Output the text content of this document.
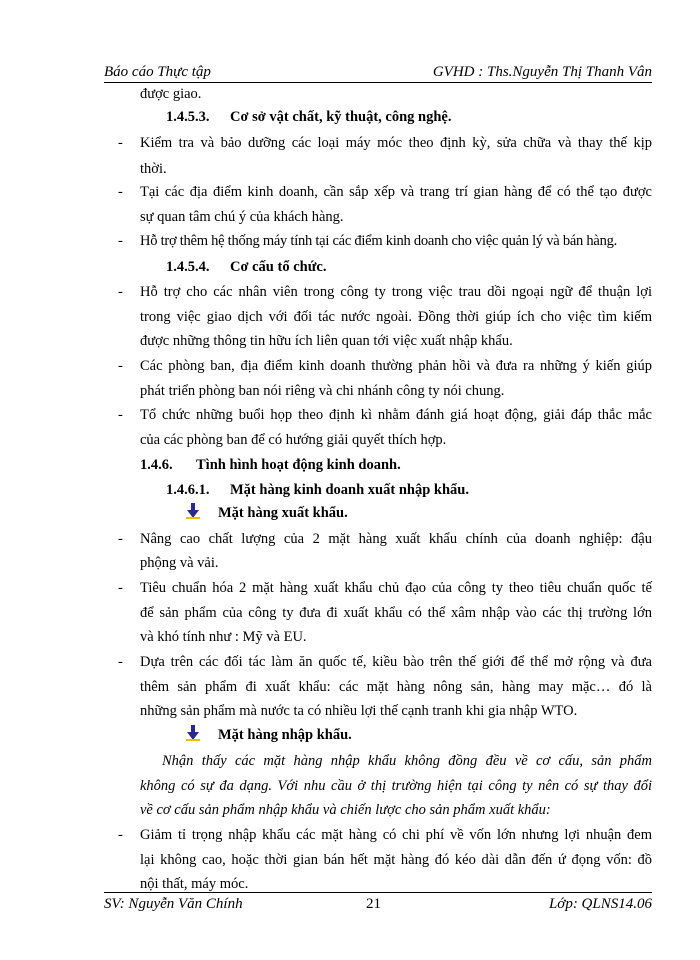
Báo cáo Thực tập	GVHD : Ths.Nguyễn Thị Thanh Vân
được giao.
1.4.5.3. Cơ sở vật chất, kỹ thuật, công nghệ.
- Kiểm tra và bảo dưỡng các loại máy móc theo định kỳ, sửa chữa và thay thế kịp
thời.
- Tại các địa điểm kinh doanh, cần sắp xếp và trang trí gian hàng để có thể tạo được
sự quan tâm chú ý của khách hàng.
- Hỗ trợ thêm hệ thống máy tính tại các điểm kinh doanh cho việc quản lý và bán hàng.
1.4.5.4. Cơ cấu tổ chức.
- Hỗ trợ cho các nhân viên trong công ty trong việc trau dồi ngoại ngữ để thuận lợi
trong việc giao dịch với đối tác nước ngoài. Đồng thời giúp ích cho việc tìm kiếm
được những thông tin hữu ích liên quan tới việc xuất nhập khẩu.
- Các phòng ban, địa điểm kinh doanh thường phản hồi và đưa ra những ý kiến giúp
phát triển phòng ban nói riêng và chi nhánh công ty nói chung.
- Tổ chức những buổi họp theo định kì nhằm đánh giá hoạt động, giải đáp thắc mắc
của các phòng ban để có hướng giải quyết thích hợp.
1.4.6. Tình hình hoạt động kinh doanh.
1.4.6.1. Mặt hàng kinh doanh xuất nhập khẩu.
Mặt hàng xuất khẩu.
- Nâng cao chất lượng của 2 mặt hàng xuất khẩu chính của doanh nghiệp: đậu
phộng và vải.
- Tiêu chuẩn hóa 2 mặt hàng xuất khẩu chủ đạo của công ty theo tiêu chuẩn quốc tế
để sản phẩm của công ty đưa đi xuất khẩu có thể xâm nhập vào các thị trường lớn
và khó tính như : Mỹ và EU.
- Dựa trên các đối tác làm ăn quốc tế, kiều bào trên thế giới để thể mở rộng và đưa
thêm sản phẩm đi xuất khẩu: các mặt hàng nông sản, hàng may mặc… đó là
những sản phẩm mà nước ta có nhiều lợi thế cạnh tranh khi gia nhập WTO.
Mặt hàng nhập khẩu.
Nhận thấy các mặt hàng nhập khẩu không đồng đều về cơ cấu, sản phẩm
không có sự đa dạng. Với nhu cầu ở thị trường hiện tại công ty nên có sự thay đổi
về cơ cấu sản phẩm nhập khẩu và chiến lược cho sản phẩm xuất khẩu:
- Giảm tỉ trọng nhập khẩu các mặt hàng có chi phí về vốn lớn nhưng lợi nhuận đem
lại không cao, hoặc thời gian bán hết mặt hàng đó kéo dài dẫn đến ứ đọng vốn: đồ
nội thất, máy móc.
SV: Nguyễn Văn Chính	21	Lớp: QLNS14.06
